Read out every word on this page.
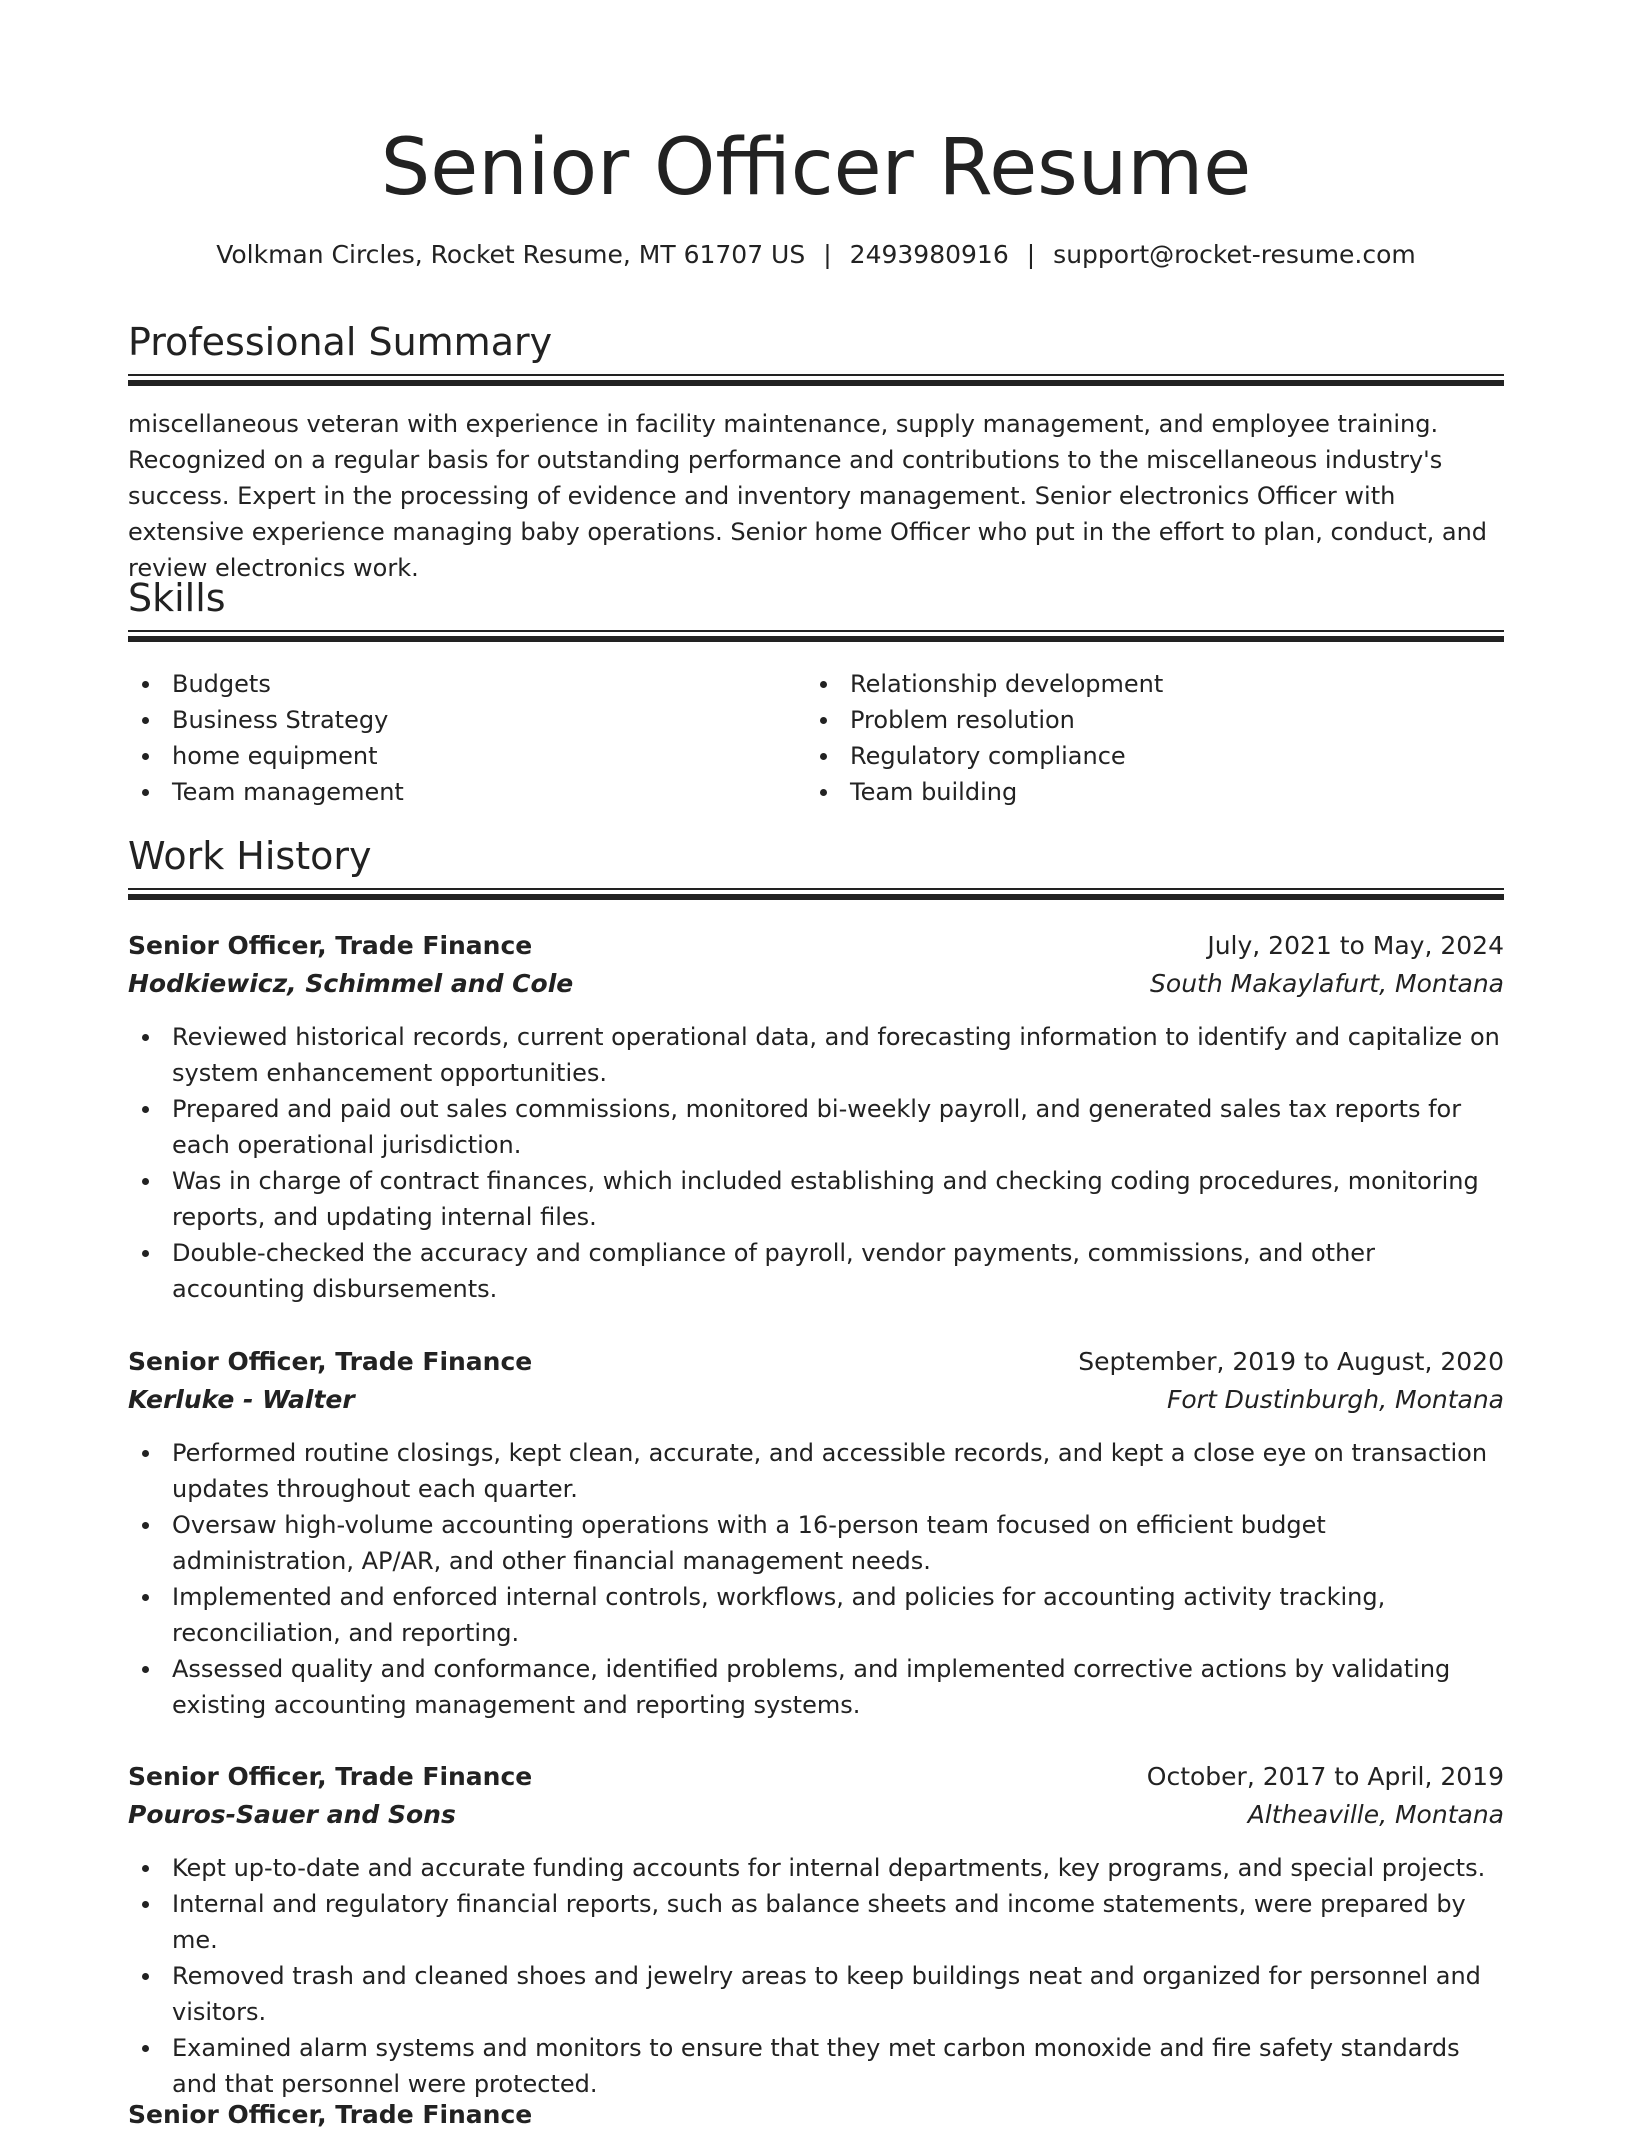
Senior Officer Resume
Volkman Circles, Rocket Resume, MT 61707 US | 2493980916 | support@rocket-resume.com
Professional Summary

miscellaneous veteran with experience in facility maintenance, supply management, and employee training. Recognized on a regular basis for outstanding performance and contributions to the miscellaneous industry's success. Expert in the processing of evidence and inventory management. Senior electronics Officer with extensive experience managing baby operations. Senior home Officer who put in the effort to plan, conduct, and review electronics work.

Skills
Budgets
Business Strategy
home equipment
Team management
Relationship development
Problem resolution
Regulatory compliance
Team building
Work History
Senior Officer, Trade Finance	July, 2021 to May, 2024
Hodkiewicz, Schimmel and Cole	South Makaylafurt, Montana
Reviewed historical records, current operational data, and forecasting information to identify and capitalize on system enhancement opportunities.
Prepared and paid out sales commissions, monitored bi-weekly payroll, and generated sales tax reports for each operational jurisdiction.
Was in charge of contract finances, which included establishing and checking coding procedures, monitoring reports, and updating internal files.
Double-checked the accuracy and compliance of payroll, vendor payments, commissions, and other accounting disbursements.
Senior Officer, Trade Finance	September, 2019 to August, 2020
Kerluke - Walter	Fort Dustinburgh, Montana
Performed routine closings, kept clean, accurate, and accessible records, and kept a close eye on transaction updates throughout each quarter.
Oversaw high-volume accounting operations with a 16-person team focused on efficient budget administration, AP/AR, and other financial management needs.
Implemented and enforced internal controls, workflows, and policies for accounting activity tracking, reconciliation, and reporting.
Assessed quality and conformance, identified problems, and implemented corrective actions by validating existing accounting management and reporting systems.
Senior Officer, Trade Finance	October, 2017 to April, 2019
Pouros-Sauer and Sons	Altheaville, Montana
Kept up-to-date and accurate funding accounts for internal departments, key programs, and special projects.
Internal and regulatory financial reports, such as balance sheets and income statements, were prepared by me.
Removed trash and cleaned shoes and jewelry areas to keep buildings neat and organized for personnel and visitors.
Examined alarm systems and monitors to ensure that they met carbon monoxide and fire safety standards and that personnel were protected.
Senior Officer, Trade Finance
